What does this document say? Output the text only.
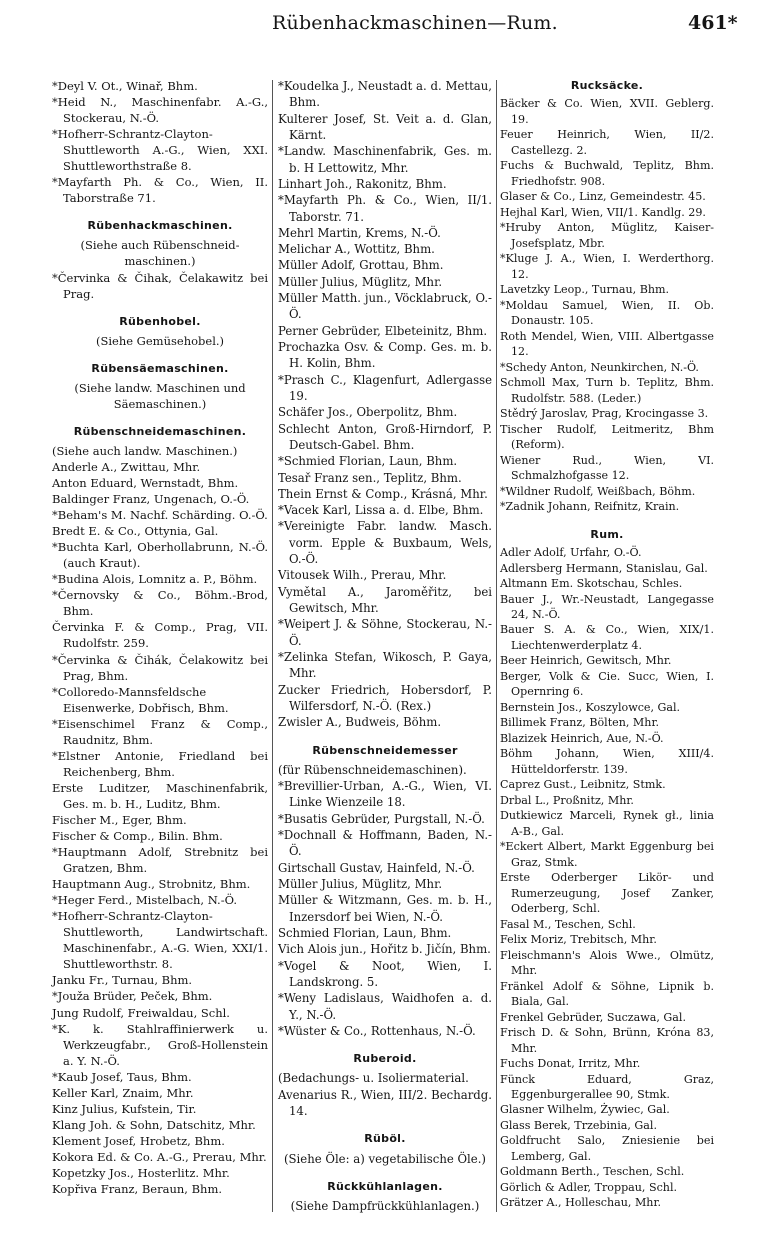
Rübenhackmaschinen—Rum.	461*
*Deyl V. Ot., Winař, Bhm.
*Heid N., Maschinenfabr. A.-G., Stockerau, N.-Ö.
*Hofherr-Schrantz-Clayton-Shuttleworth A.-G., Wien, XXI. Shuttleworthstraße 8.
*Mayfarth Ph. & Co., Wien, II. Taborstraße 71.
Rübenhackmaschinen.
(Siehe auch Rübenschneid-maschinen.)
*Červinka & Čihak, Čelakawitz bei Prag.
Rübenhobel.
(Siehe Gemüsehobel.)
Rübensäemaschinen.
(Siehe landw. Maschinen und Säemaschinen.)
Rübenschneidemaschinen.
(Siehe auch landw. Maschinen.)
Anderle A., Zwittau, Mhr.
Anton Eduard, Wernstadt, Bhm.
Baldinger Franz, Ungenach, O.-Ö.
*Beham's M. Nachf. Schärding. O.-Ö.
Bredt E. & Co., Ottynia, Gal.
*Buchta Karl, Oberhollabrunn, N.-Ö. (auch Kraut).
*Budina Alois, Lomnitz a. P., Böhm.
*Černovsky & Co., Böhm.-Brod, Bhm.
Červinka F. & Comp., Prag, VII. Rudolfstr. 259.
*Červinka & Čihák, Čelakowitz bei Prag, Bhm.
*Colloredo-Mannsfeldsche Eisenwerke, Dobřisch, Bhm.
*Eisenschimel Franz & Comp., Raudnitz, Bhm.
*Elstner Antonie, Friedland bei Reichenberg, Bhm.
Erste Luditzer, Maschinenfabrik, Ges. m. b. H., Luditz, Bhm.
Fischer M., Eger, Bhm.
Fischer & Comp., Bilin. Bhm.
*Hauptmann Adolf, Strebnitz bei Gratzen, Bhm.
Hauptmann Aug., Strobnitz, Bhm.
*Heger Ferd., Mistelbach, N.-Ö.
*Hofherr-Schrantz-Clayton-Shuttleworth, Landwirtschaft. Maschinenfabr., A.-G. Wien, XXI/1. Shuttleworthstr. 8.
Janku Fr., Turnau, Bhm.
*Jouža Brüder, Peček, Bhm.
Jung Rudolf, Freiwaldau, Schl.
*K. k. Stahlraffinierwerk u. Werkzeugfabr., Groß-Hollenstein a. Y. N.-Ö.
*Kaub Josef, Taus, Bhm.
Keller Karl, Znaim, Mhr.
Kinz Julius, Kufstein, Tir.
Klang Joh. & Sohn, Datschitz, Mhr.
Klement Josef, Hrobetz, Bhm.
Kokora Ed. & Co. A.-G., Prerau, Mhr.
Kopetzky Jos., Hosterlitz. Mhr.
Kopřiva Franz, Beraun, Bhm.
*Koudelka J., Neustadt a. d. Mettau, Bhm.
Kulterer Josef, St. Veit a. d. Glan, Kärnt.
*Landw. Maschinenfabrik, Ges. m. b. H Lettowitz, Mhr.
Linhart Joh., Rakonitz, Bhm.
*Mayfarth Ph. & Co., Wien, II/1. Taborstr. 71.
Mehrl Martin, Krems, N.-Ö.
Melichar A., Wottitz, Bhm.
Müller Adolf, Grottau, Bhm.
Müller Julius, Müglitz, Mhr.
Müller Matth. jun., Vöcklabruck, O.-Ö.
Perner Gebrüder, Elbeteinitz, Bhm.
Prochazka Osv. & Comp. Ges. m. b. H. Kolin, Bhm.
*Prasch C., Klagenfurt, Adlergasse 19.
Schäfer Jos., Oberpolitz, Bhm.
Schlecht Anton, Groß-Hirndorf, P. Deutsch-Gabel. Bhm.
*Schmied Florian, Laun, Bhm.
Tesař Franz sen., Teplitz, Bhm.
Thein Ernst & Comp., Krásná, Mhr.
*Vacek Karl, Lissa a. d. Elbe, Bhm.
*Vereinigte Fabr. landw. Masch. vorm. Epple & Buxbaum, Wels, O.-Ö.
Vitousek Wilh., Prerau, Mhr.
Vymětal A., Jaroměřitz, bei Gewitsch, Mhr.
*Weipert J. & Söhne, Stockerau, N.-Ö.
*Zelinka Stefan, Wikosch, P. Gaya, Mhr.
Zucker Friedrich, Hobersdorf, P. Wilfersdorf, N.-Ö. (Rex.)
Zwisler A., Budweis, Böhm.
Rübenschneidemesser
(für Rübenschneidemaschinen).
*Brevillier-Urban, A.-G., Wien, VI. Linke Wienzeile 18.
*Busatis Gebrüder, Purgstall, N.-Ö.
*Dochnall & Hoffmann, Baden, N.-Ö.
Girtschall Gustav, Hainfeld, N.-Ö.
Müller Julius, Müglitz, Mhr.
Müller & Witzmann, Ges. m. b. H., Inzersdorf bei Wien, N.-Ö.
Schmied Florian, Laun, Bhm.
Vich Alois jun., Hořitz b. Jičín, Bhm.
*Vogel & Noot, Wien, I. Landskrong. 5.
*Weny Ladislaus, Waidhofen a. d. Y., N.-Ö.
*Wüster & Co., Rottenhaus, N.-Ö.
Ruberoid.
(Bedachungs- u. Isoliermaterial.
Avenarius R., Wien, III/2. Bechardg. 14.
Rüböl.
(Siehe Öle: a) vegetabilische Öle.)
Rückkühlanlagen.
(Siehe Dampfrückkühlanlagen.)
Rucksäcke.
Bäcker & Co. Wien, XVII. Geblerg. 19.
Feuer Heinrich, Wien, II/2. Castellezg. 2.
Fuchs & Buchwald, Teplitz, Bhm. Friedhofstr. 908.
Glaser & Co., Linz, Gemeindestr. 45.
Hejhal Karl, Wien, VII/1. Kandlg. 29.
*Hruby Anton, Müglitz, Kaiser-Josefsplatz, Mbr.
*Kluge J. A., Wien, I. Werderthorg. 12.
Lavetzky Leop., Turnau, Bhm.
*Moldau Samuel, Wien, II. Ob. Donaustr. 105.
Roth Mendel, Wien, VIII. Albertgasse 12.
*Schedy Anton, Neunkirchen, N.-Ö.
Schmoll Max, Turn b. Teplitz, Bhm. Rudolfstr. 588. (Leder.)
Stědrý Jaroslav, Prag, Krocingasse 3.
Tischer Rudolf, Leitmeritz, Bhm (Reform).
Wiener Rud., Wien, VI. Schmalzhofgasse 12.
*Wildner Rudolf, Weißbach, Böhm.
*Zadnik Johann, Reifnitz, Krain.
Rum.
Adler Adolf, Urfahr, O.-Ö.
Adlersberg Hermann, Stanislau, Gal.
Altmann Em. Skotschau, Schles.
Bauer J., Wr.-Neustadt, Langegasse 24, N.-Ö.
Bauer S. A. & Co., Wien, XIX/1. Liechtenwerderplatz 4.
Beer Heinrich, Gewitsch, Mhr.
Berger, Volk & Cie. Succ, Wien, I. Opernring 6.
Bernstein Jos., Koszylowce, Gal.
Billimek Franz, Bölten, Mhr.
Blazizek Heinrich, Aue, N.-Ö.
Böhm Johann, Wien, XIII/4. Hütteldorferstr. 139.
Caprez Gust., Leibnitz, Stmk.
Drbal L., Proßnitz, Mhr.
Dutkiewicz Marceli, Rynek gł., linia A-B., Gal.
*Eckert Albert, Markt Eggenburg bei Graz, Stmk.
Erste Oderberger Likör- und Rumerzeugung, Josef Zanker, Oderberg, Schl.
Fasal M., Teschen, Schl.
Felix Moriz, Trebitsch, Mhr.
Fleischmann's Alois Wwe., Olmütz, Mhr.
Fränkel Adolf & Söhne, Lipnik b. Biala, Gal.
Frenkel Gebrüder, Suczawa, Gal.
Frisch D. & Sohn, Brünn, Króna 83, Mhr.
Fuchs Donat, Irritz, Mhr.
Fünck Eduard, Graz, Eggenburgerallee 90, Stmk.
Glasner Wilhelm, Żywiec, Gal.
Glass Berek, Trzebinia, Gal.
Goldfrucht Salo, Zniesienie bei Lemberg, Gal.
Goldmann Berth., Teschen, Schl.
Görlich & Adler, Troppau, Schl.
Grätzer A., Holleschau, Mhr.
